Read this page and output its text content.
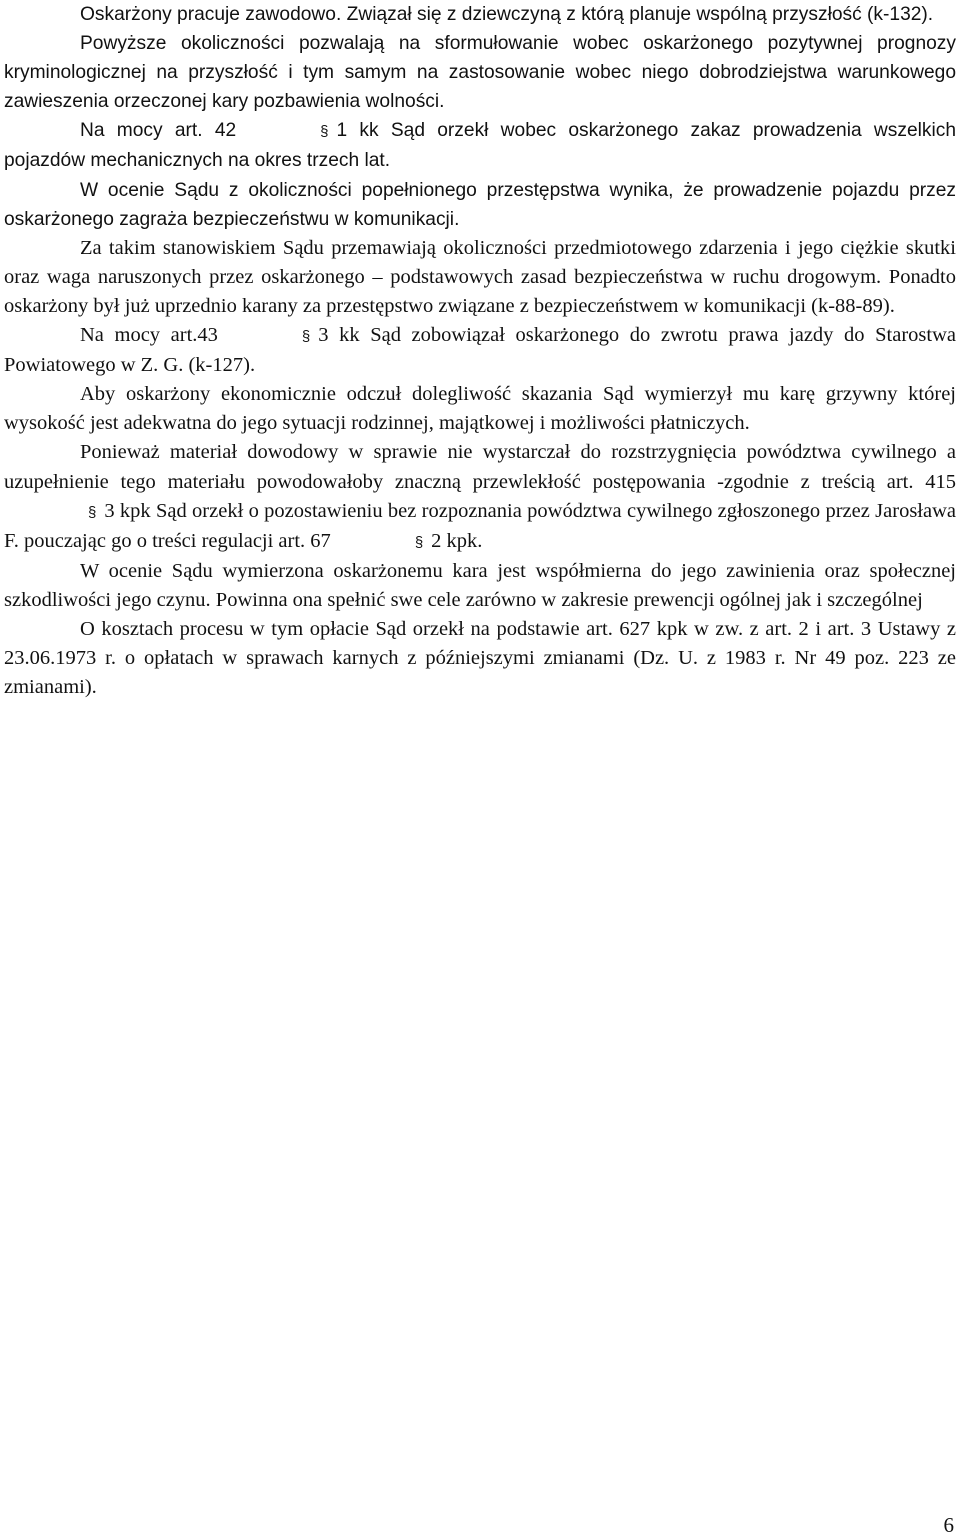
Oskarżony pracuje zawodowo. Związał się z dziewczyną z którą planuje wspólną przyszłość (k-132).

Powyższe okoliczności pozwalają na sformułowanie wobec oskarżonego pozytywnej prognozy kryminologicznej na przyszłość i tym samym na zastosowanie wobec niego dobrodziejstwa warunkowego zawieszenia orzeczonej kary pozbawienia wolności.

Na mocy art. 42	§ 1 kk Sąd orzekł wobec oskarżonego zakaz prowadzenia wszelkich pojazdów mechanicznych na okres trzech lat.

W ocenie Sądu z okoliczności popełnionego przestępstwa wynika, że prowadzenie pojazdu przez oskarżonego zagraża bezpieczeństwu w komunikacji.

Za takim stanowiskiem Sądu przemawiają okoliczności przedmiotowego zdarzenia i jego ciężkie skutki oraz waga naruszonych przez oskarżonego – podstawowych zasad bezpieczeństwa w ruchu drogowym. Ponadto oskarżony był już uprzednio karany za przestępstwo związane z bezpieczeństwem w komunikacji (k-88-89).

Na mocy art.43	§ 3 kk Sąd zobowiązał oskarżonego do zwrotu prawa jazdy do Starostwa Powiatowego w Z. G. (k-127).

Aby oskarżony ekonomicznie odczuł dolegliwość skazania Sąd wymierzył mu karę grzywny której wysokość jest adekwatna do jego sytuacji rodzinnej, majątkowej i możliwości płatniczych.

Ponieważ materiał dowodowy w sprawie nie wystarczał do rozstrzygnięcia powództwa cywilnego a uzupełnienie tego materiału powodowałoby znaczną przewlekłość postępowania -zgodnie z treścią art. 415§ 3 kpk Sąd orzekł o pozostawieniu bez rozpoznania powództwa cywilnego zgłoszonego przez Jarosława F. pouczając go o treści regulacji art. 67	§ 2 kpk.

W ocenie Sądu wymierzona oskarżonemu kara jest współmierna do jego zawinienia oraz społecznej szkodliwości jego czynu. Powinna ona spełnić swe cele zarówno w zakresie prewencji ogólnej jak i szczególnej

O kosztach procesu w tym opłacie Sąd orzekł na podstawie art. 627 kpk w zw. z art. 2 i art. 3 Ustawy z 23.06.1973 r. o opłatach w sprawach karnych z późniejszymi zmianami (Dz. U. z 1983 r. Nr 49 poz. 223 ze zmianami).

6
